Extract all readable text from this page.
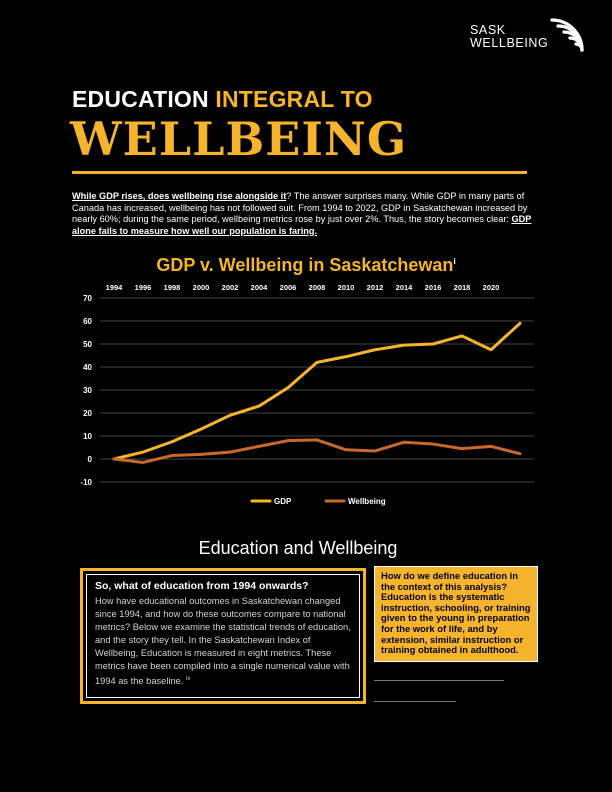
SASK
WELLBEING
EDUCATION INTEGRAL TO
WELLBEING
While GDP rises, does wellbeing rise alongside it? The answer surprises many. While GDP in many parts of Canada has increased, wellbeing has not followed suit. From 1994 to 2022, GDP in Saskatchewan increased by nearly 60%; during the same period, wellbeing metrics rose by just over 2%. Thus, the story becomes clear: GDP alone fails to measure how well our population is faring.
GDP v. Wellbeing in Saskatchewan$^i$
-10
0
10
20
30
40
50
60
70
1994 1996 1998 2000 2002 2004 2006 2008 2010 2012 2014 2016 2018 2020
GDP	Wellbeing
Education and Wellbeing
So, what of education from 1994 onwards?
How have educational outcomes in Saskatchewan changed since 1994, and how do these outcomes compare to national metrics? Below we examine the statistical trends of education, and the story they tell. In the Saskatchewan Index of Wellbeing, Education is measured in eight metrics. These metrics have been compiled into a single numerical value with 1994 as the baseline. $^{iv}$
How do we define education in the context of this analysis?
Education is the systematic instruction, schooling, or training given to the young in preparation for the work of life, and by extension, similar instruction or training obtained in adulthood.
